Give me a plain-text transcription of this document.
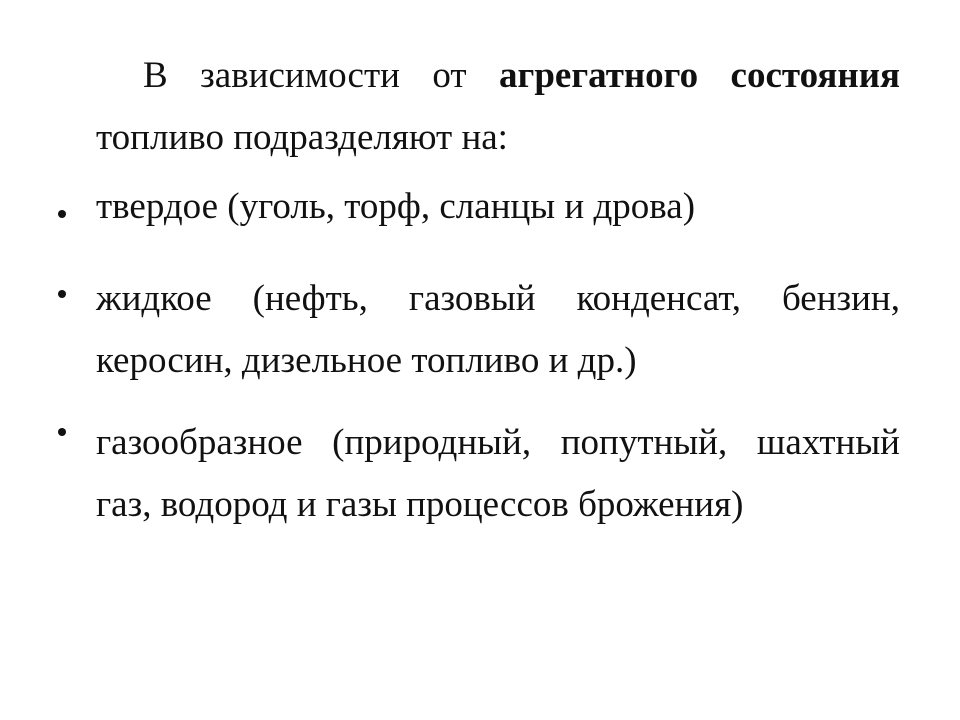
В зависимости от агрегатного состояния топливо подразделяют на:

твердое (уголь, торф, сланцы и дрова)

жидкое (нефть, газовый конденсат, бензин, керосин, дизельное топливо и др.)

газообразное (природный, попутный, шахтный газ, водород и газы процессов брожения)
